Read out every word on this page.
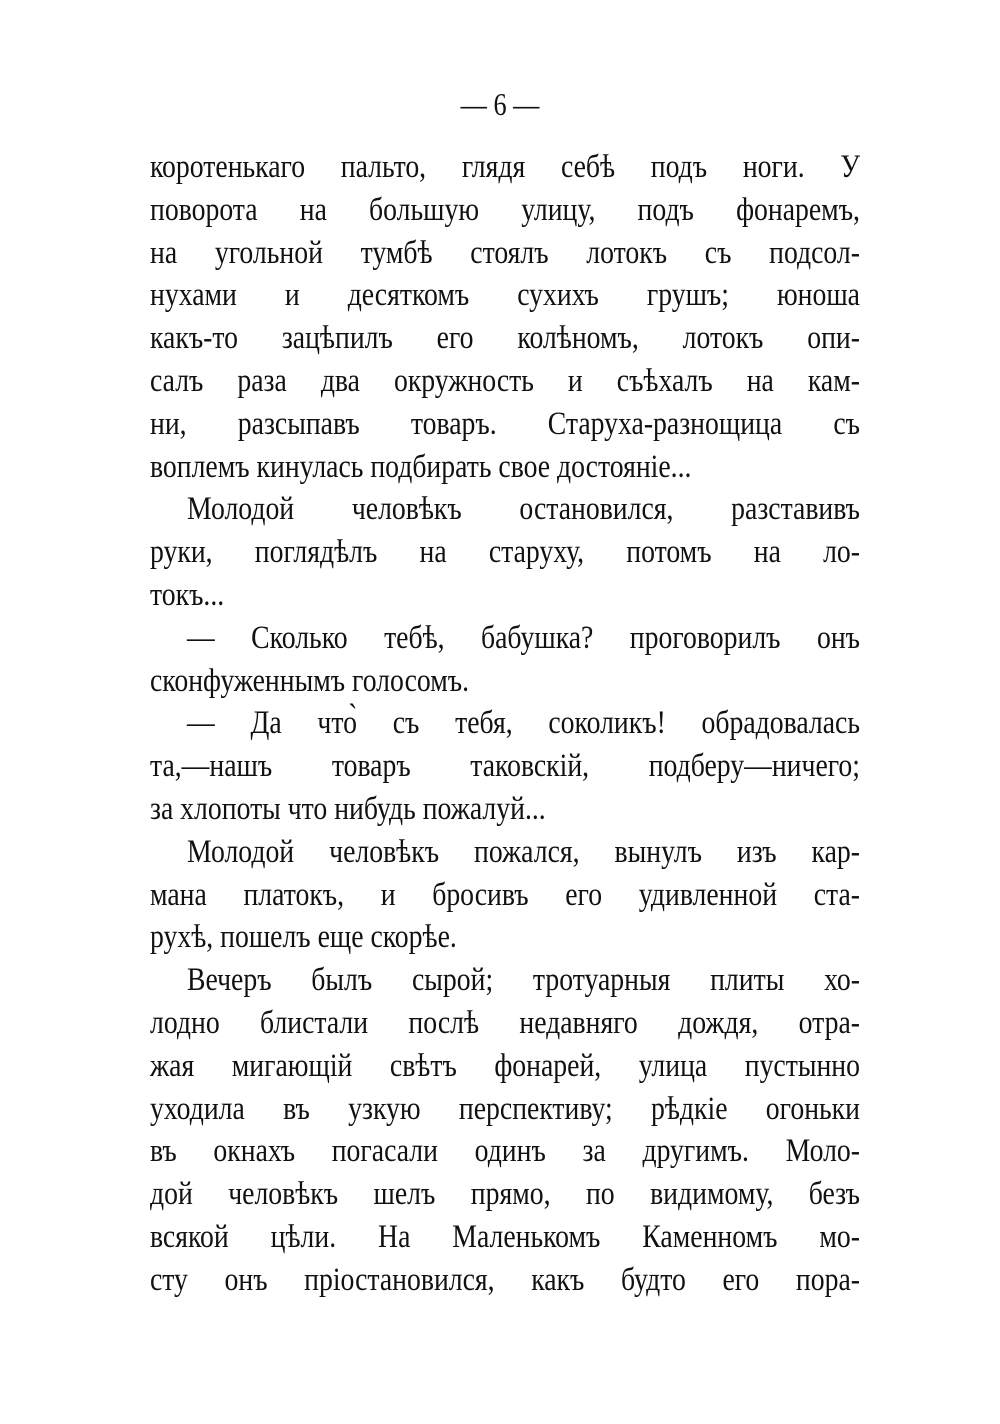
— 6 —
коротенькаго пальто, глядя себѣ подъ ноги. У
поворота на большую улицу, подъ фонаремъ,
на угольной тумбѣ стоялъ лотокъ съ подсол-
нухами и десяткомъ сухихъ грушъ; юноша
какъ-то зацѣпилъ его колѣномъ, лотокъ опи-
салъ раза два окружность и съѣхалъ на кам-
ни, разсыпавъ товаръ. Старуха-разнощица съ
воплемъ кинулась подбирать свое достояніе...
Молодой человѣкъ остановился, разставивъ
руки, поглядѣлъ на старуху, потомъ на ло-
токъ...
— Сколько тебѣ, бабушка? проговорилъ онъ
сконфуженнымъ голосомъ.
— Да что̀ съ тебя, соколикъ! обрадовалась
та,—нашъ товаръ таковскій, подберу—ничего;
за хлопоты что нибудь пожалуй...
Молодой человѣкъ пожался, вынулъ изъ кар-
мана платокъ, и бросивъ его удивленной ста-
рухѣ, пошелъ еще скорѣе.
Вечеръ былъ сырой; тротуарныя плиты хо-
лодно блистали послѣ недавняго дождя, отра-
жая мигающій свѣтъ фонарей, улица пустынно
уходила въ узкую перспективу; рѣдкіе огоньки
въ окнахъ погасали одинъ за другимъ. Моло-
дой человѣкъ шелъ прямо, по видимому, безъ
всякой цѣли. На Маленькомъ Каменномъ мо-
сту онъ пріостановился, какъ будто его пора-
